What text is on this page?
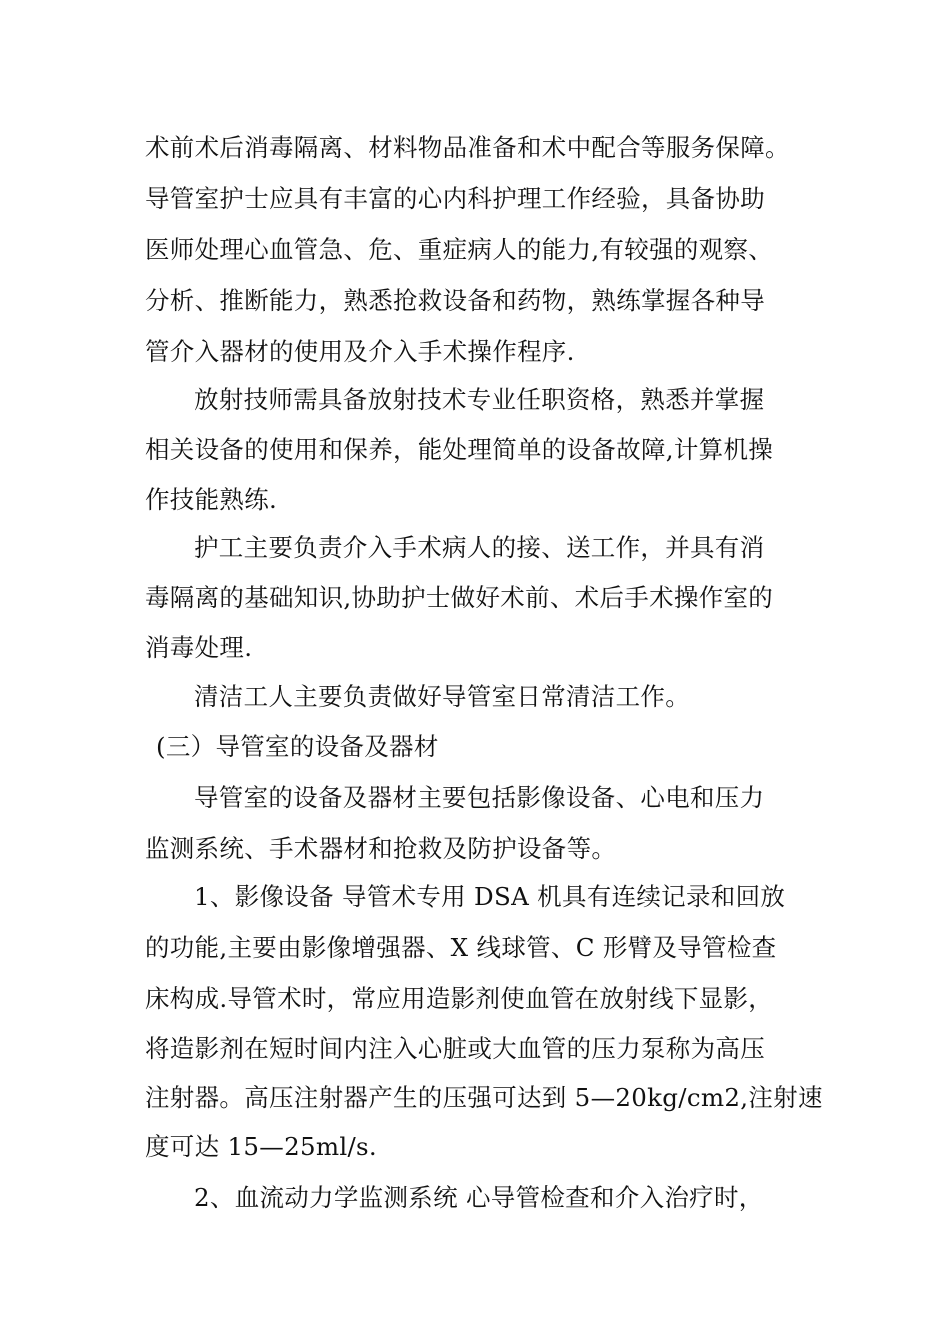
术前术后消毒隔离、材料物品准备和术中配合等服务保障。
导管室护士应具有丰富的心内科护理工作经验，具备协助
医师处理心血管急、危、重症病人的能力,有较强的观察、
分析、推断能力，熟悉抢救设备和药物，熟练掌握各种导
管介入器材的使用及介入手术操作程序.
放射技师需具备放射技术专业任职资格，熟悉并掌握
相关设备的使用和保养，能处理简单的设备故障,计算机操
作技能熟练.
护工主要负责介入手术病人的接、送工作，并具有消
毒隔离的基础知识,协助护士做好术前、术后手术操作室的
消毒处理.
清洁工人主要负责做好导管室日常清洁工作。
(三）导管室的设备及器材
导管室的设备及器材主要包括影像设备、心电和压力
监测系统、手术器材和抢救及防护设备等。
1、影像设备 导管术专用 DSA 机具有连续记录和回放
的功能,主要由影像增强器、X 线球管、C 形臂及导管检查
床构成.导管术时，常应用造影剂使血管在放射线下显影，
将造影剂在短时间内注入心脏或大血管的压力泵称为高压
注射器。高压注射器产生的压强可达到 5—20kg/cm2,注射速
度可达 15—25ml/s.
2、血流动力学监测系统 心导管检查和介入治疗时，
